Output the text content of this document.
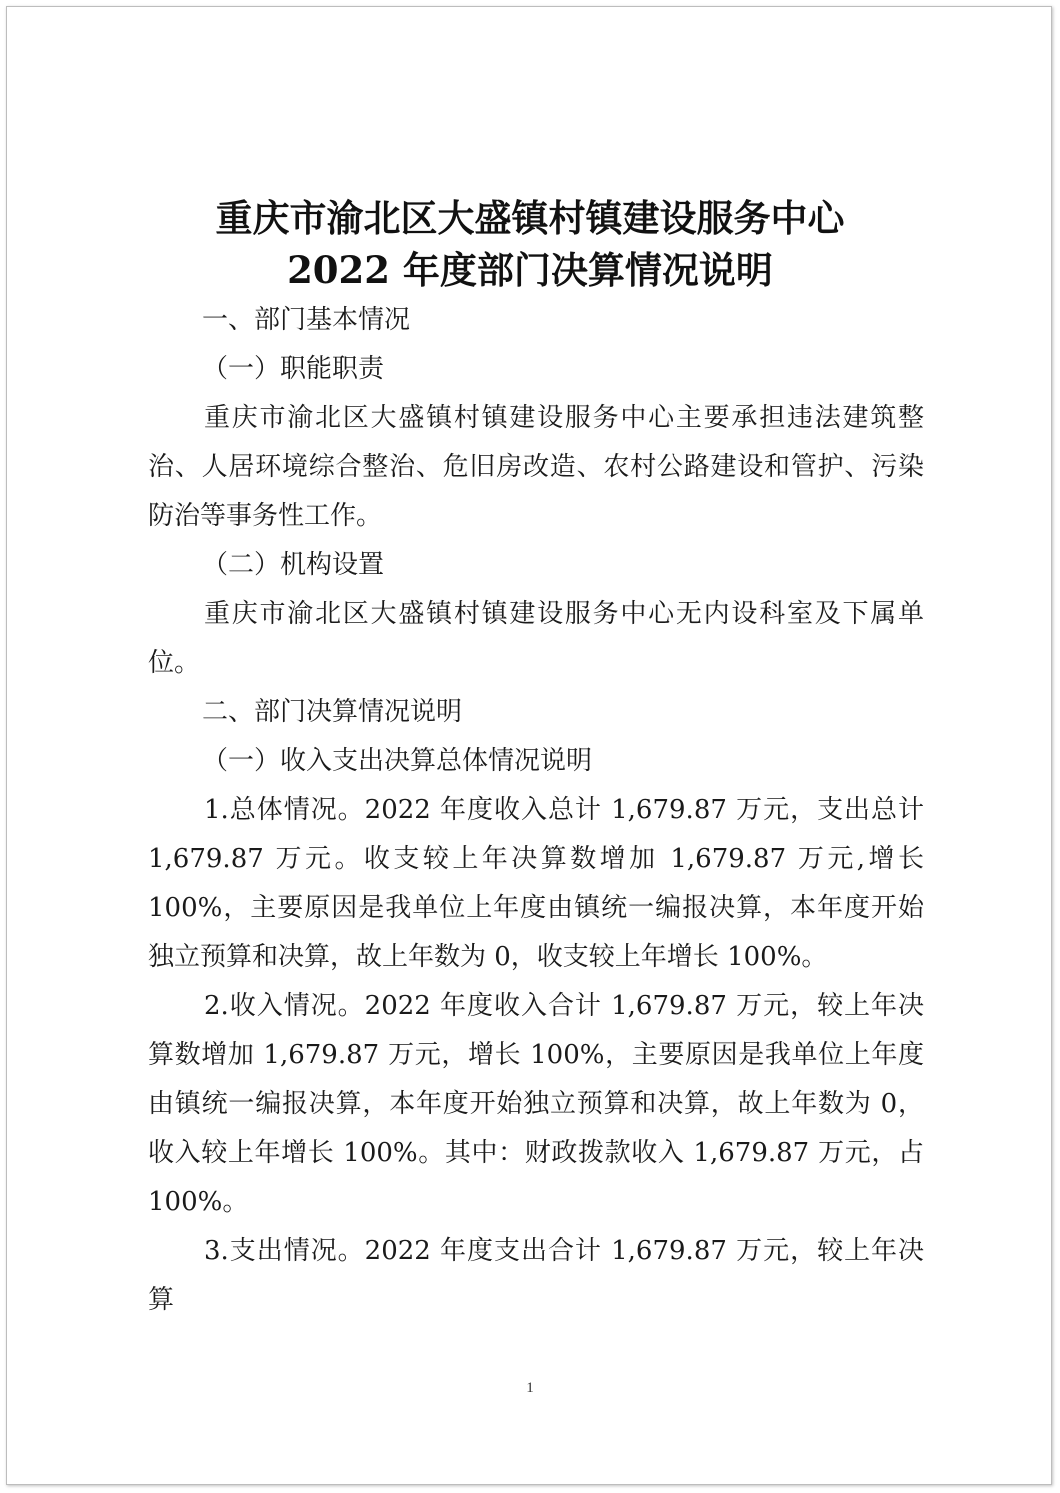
重庆市渝北区大盛镇村镇建设服务中心
2022 年度部门决算情况说明

一、部门基本情况

（一）职能职责

重庆市渝北区大盛镇村镇建设服务中心主要承担违法建筑整治、人居环境综合整治、危旧房改造、农村公路建设和管护、污染防治等事务性工作。

（二）机构设置

重庆市渝北区大盛镇村镇建设服务中心无内设科室及下属单位。

二、部门决算情况说明

（一）收入支出决算总体情况说明

1.总体情况。2022 年度收入总计 1,679.87 万元，支出总计 1,679.87 万元。收支较上年决算数增加 1,679.87 万元,增长 100%，主要原因是我单位上年度由镇统一编报决算，本年度开始独立预算和决算，故上年数为 0，收支较上年增长 100%。

2.收入情况。2022 年度收入合计 1,679.87 万元，较上年决算数增加 1,679.87 万元，增长 100%，主要原因是我单位上年度由镇统一编报决算，本年度开始独立预算和决算，故上年数为 0，收入较上年增长 100%。其中：财政拨款收入 1,679.87 万元，占 100%。

3.支出情况。2022 年度支出合计 1,679.87 万元，较上年决算

1
